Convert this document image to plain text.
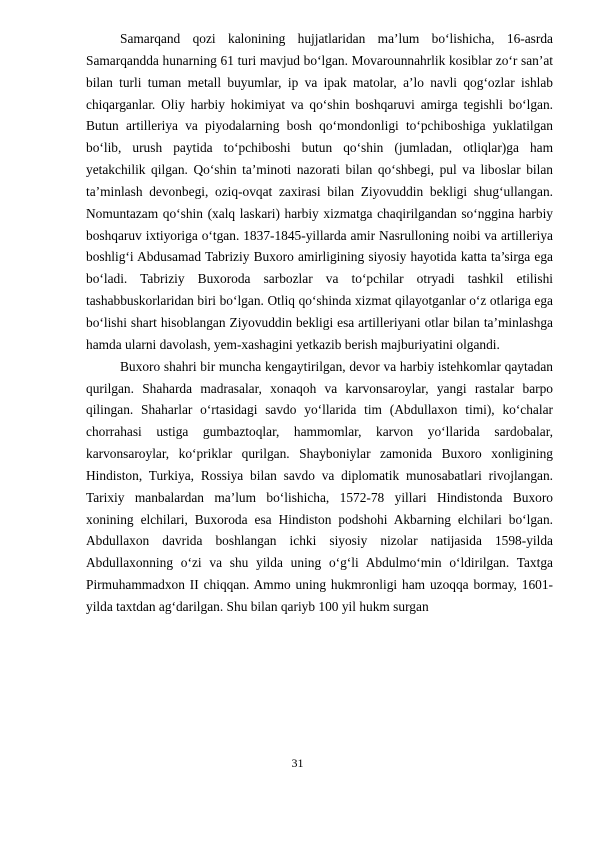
Samarqand qozi kalonining hujjatlaridan ma’lum bo‘lishicha, 16-asrda Samarqandda hunarning 61 turi mavjud bo‘lgan. Movarounnahrlik kosiblar zo‘r san’at bilan turli tuman metall buyumlar, ip va ipak matolar, a’lo navli qog‘ozlar ishlab chiqarganlar. Oliy harbiy hokimiyat va qo‘shin boshqaruvi amirga tegishli bo‘lgan. Butun artilleriya va piyodalarning bosh qo‘mondonligi to‘pchiboshiga yuklatilgan bo‘lib, urush paytida to‘pchiboshi butun qo‘shin (jumladan, otliqlar)ga ham yetakchilik qilgan. Qo‘shin ta’minoti nazorati bilan qo‘shbegi, pul va liboslar bilan ta’minlash devonbegi, oziq-ovqat zaxirasi bilan Ziyovuddin bekligi shug‘ullangan. Nomuntazam qo‘shin (xalq laskari) harbiy xizmatga chaqirilgandan so‘nggina harbiy boshqaruv ixtiyoriga o‘tgan. 1837-1845-yillarda amir Nasrulloning noibi va artilleriya boshlig‘i Abdusamad Tabriziy Buxoro amirligining siyosiy hayotida katta ta’sirga ega bo‘ladi. Tabriziy Buxoroda sarbozlar va to‘pchilar otryadi tashkil etilishi tashabbuskorlaridan biri bo‘lgan. Otliq qo‘shinda xizmat qilayotganlar o‘z otlariga ega bo‘lishi shart hisoblangan Ziyovuddin bekligi esa artilleriyani otlar bilan ta’minlashga hamda ularni davolash, yem-xashagini yetkazib berish majburiyatini olgandi.

Buxoro shahri bir muncha kengaytirilgan, devor va harbiy istehkomlar qaytadan qurilgan. Shaharda madrasalar, xonaqoh va karvonsaroylar, yangi rastalar barpo qilingan. Shaharlar o‘rtasidagi savdo yo‘llarida tim (Abdullaxon timi), ko‘chalar chorrahasi ustiga gumbaztoqlar, hammomlar, karvon yo‘llarida sardobalar, karvonsaroylar, ko‘priklar qurilgan. Shayboniylar zamonida Buxoro xonligining Hindiston, Turkiya, Rossiya bilan savdo va diplomatik munosabatlari rivojlangan. Tarixiy manbalardan ma’lum bo‘lishicha, 1572-78 yillari Hindistonda Buxoro xonining elchilari, Buxoroda esa Hindiston podshohi Akbarning elchilari bo‘lgan. Abdullaxon davrida boshlangan ichki siyosiy nizolar natijasida 1598-yilda Abdullaxonning o‘zi va shu yilda uning o‘g‘li Abdulmo‘min o‘ldirilgan. Taxtga Pirmuhammadxon II chiqqan. Ammo uning hukmronligi ham uzoqqa bormay, 1601-yilda taxtdan ag‘darilgan. Shu bilan qariyb 100 yil hukm surgan

31
